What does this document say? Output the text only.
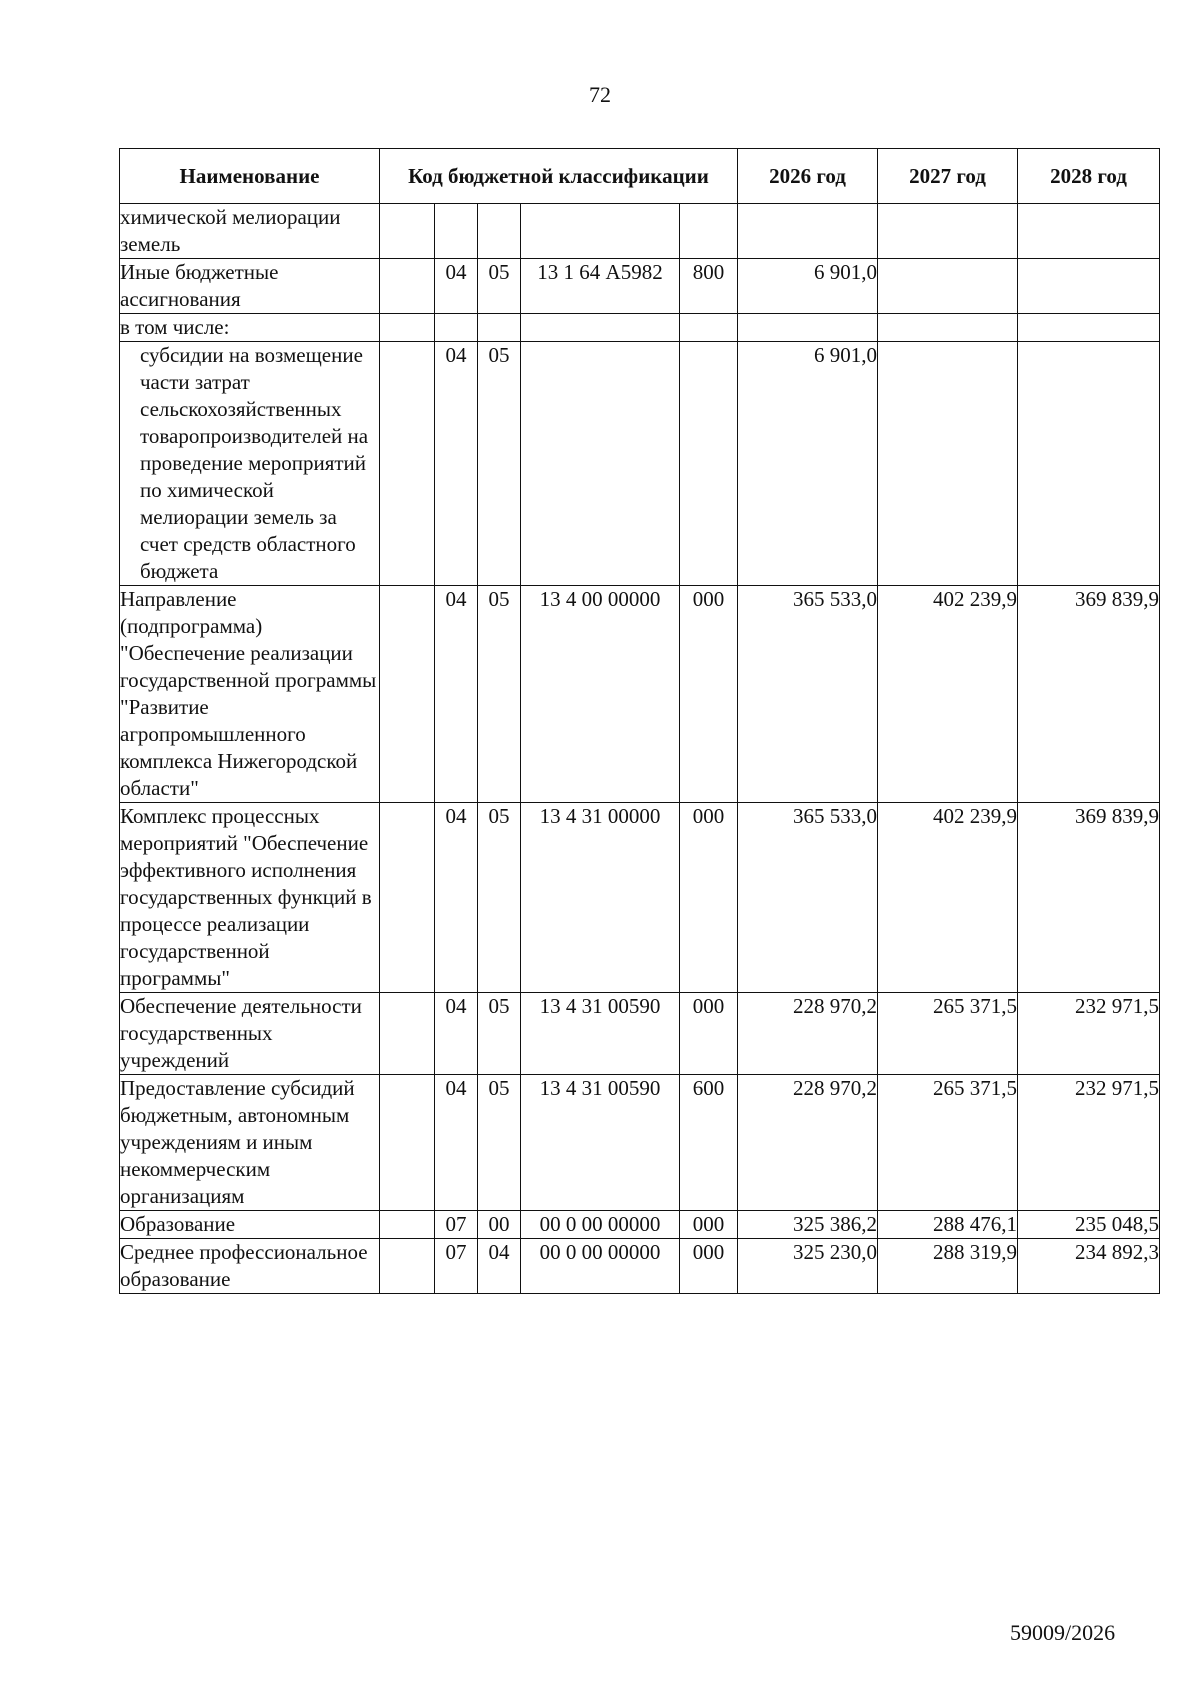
72
Наименование	Код бюджетной классификации					2026 год	2027 год	2028 год
химической мелиорации земель								
Иные бюджетные ассигнования		04	05	13 1 64 А5982	800	6 901,0		
в том числе:								
субсидии на возмещение части затрат сельскохозяйственных товаропроизводителей на проведение мероприятий по химической мелиорации земель за счет средств областного бюджета		04	05			6 901,0		
Направление (подпрограмма) "Обеспечение реализации государственной программы "Развитие агропромышленного комплекса Нижегородской области"		04	05	13 4 00 00000	000	365 533,0	402 239,9	369 839,9
Комплекс процессных мероприятий "Обеспечение эффективного исполнения государственных функций в процессе реализации государственной программы"		04	05	13 4 31 00000	000	365 533,0	402 239,9	369 839,9
Обеспечение деятельности государственных учреждений		04	05	13 4 31 00590	000	228 970,2	265 371,5	232 971,5
Предоставление субсидий бюджетным, автономным учреждениям и иным некоммерческим организациям		04	05	13 4 31 00590	600	228 970,2	265 371,5	232 971,5
Образование		07	00	00 0 00 00000	000	325 386,2	288 476,1	235 048,5
Среднее профессиональное образование		07	04	00 0 00 00000	000	325 230,0	288 319,9	234 892,3
59009/2026
